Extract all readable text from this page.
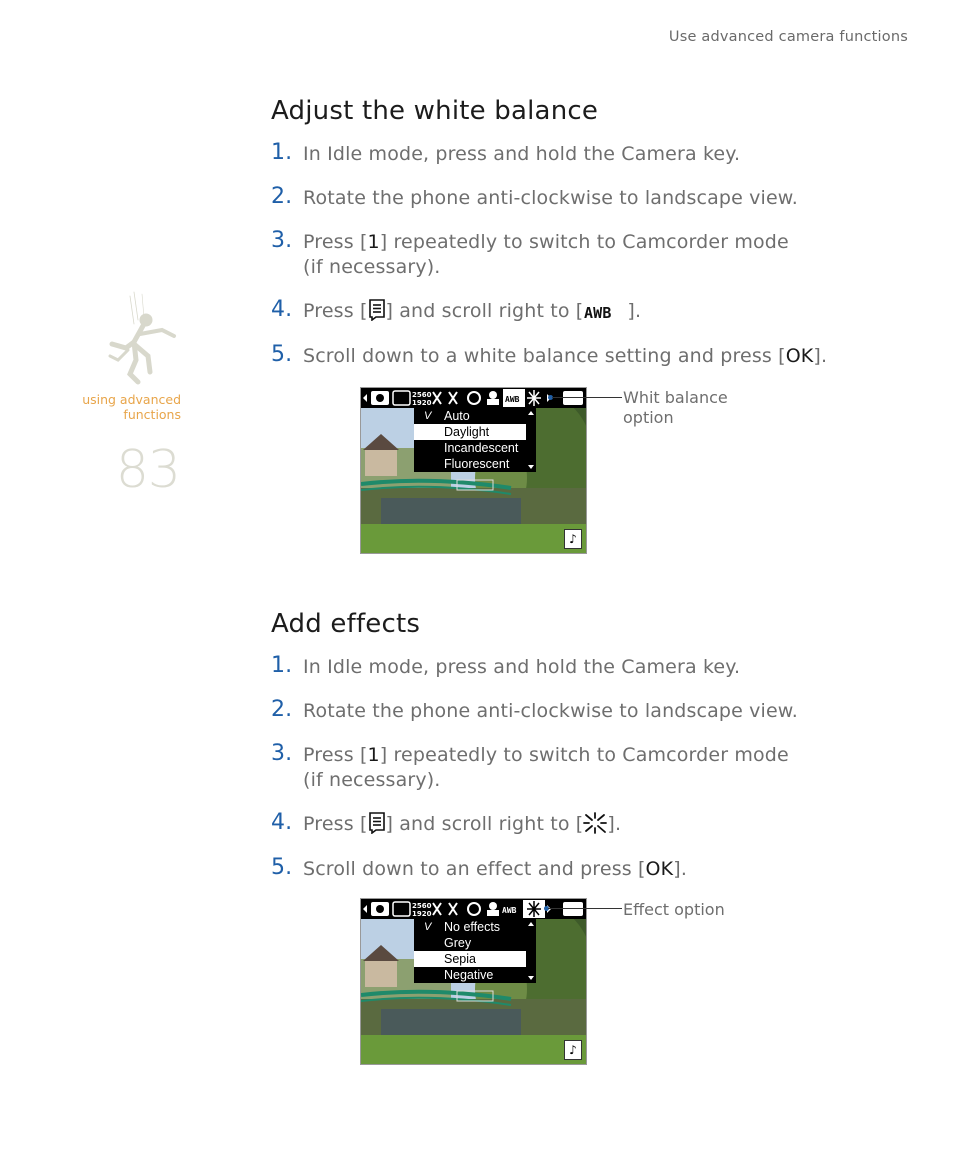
Use advanced camera functions
using advanced
functions
83
Adjust the white balance
1. In Idle mode, press and hold the Camera key.
2. Rotate the phone anti-clockwise to landscape view.
3. Press [1] repeatedly to switch to Camcorder mode
(if necessary).
4. Press [ ] and scroll right to [ AWB ].
5. Scroll down to a white balance setting and press [OK].
2560
1920	AWB
V Auto
Daylight
Incandescent
Fluorescent
♪
Whit balance
option
Add effects
1. In Idle mode, press and hold the Camera key.
2. Rotate the phone anti-clockwise to landscape view.
3. Press [1] repeatedly to switch to Camcorder mode
(if necessary).
4. Press [ ] and scroll right to [ ].
5. Scroll down to an effect and press [OK].
2560
1920	AWB
V No effects
Grey
Sepia
Negative
♪
Effect option
